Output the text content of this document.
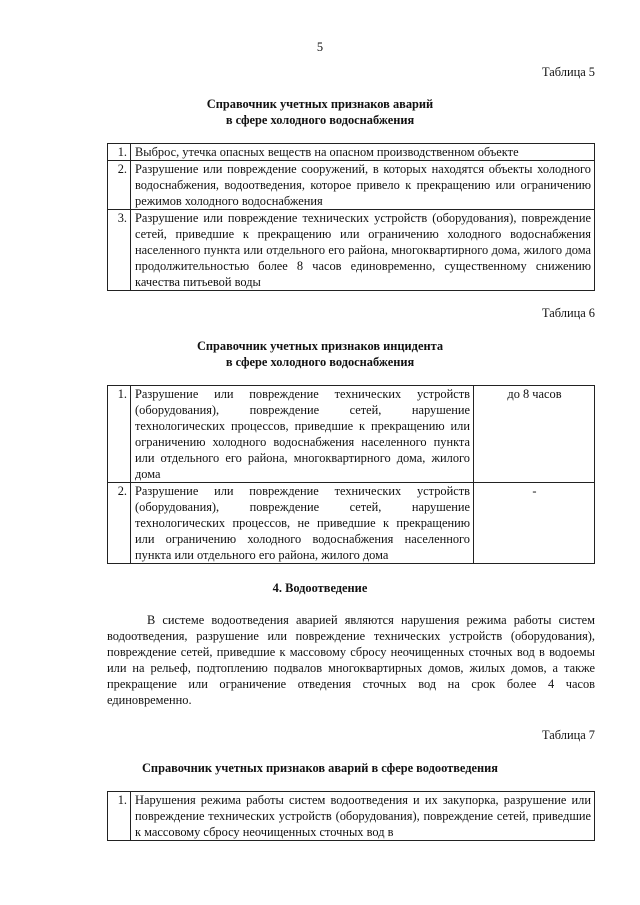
5
Таблица 5
Справочник учетных признаков аварий
в сфере холодного водоснабжения
1.	Выброс, утечка опасных веществ на опасном производственном объекте
2.	Разрушение или повреждение сооружений, в которых находятся объекты холодного водоснабжения, водоотведения, которое привело к прекращению или ограничению режимов холодного водоснабжения
3.	Разрушение или повреждение технических устройств (оборудования), повреждение сетей, приведшие к прекращению или ограничению холодного водоснабжения населенного пункта или отдельного его района, многоквартирного дома, жилого дома продолжительностью более 8 часов единовременно, существенному снижению качества питьевой воды
Таблица 6
Справочник учетных признаков инцидента
в сфере холодного водоснабжения
1.	Разрушение или повреждение технических устройств (оборудования), повреждение сетей, нарушение технологических процессов, приведшие к прекращению или ограничению холодного водоснабжения населенного пункта или отдельного его района, многоквартирного дома, жилого дома	до 8 часов
2.	Разрушение или повреждение технических устройств (оборудования), повреждение сетей, нарушение технологических процессов, не приведшие к прекращению или ограничению холодного водоснабжения населенного пункта или отдельного его района, жилого дома	-
4. Водоотведение
В системе водоотведения аварией являются нарушения режима работы систем водоотведения, разрушение или повреждение технических устройств (оборудования), повреждение сетей, приведшие к массовому сбросу неочищенных сточных вод в водоемы или на рельеф, подтоплению подвалов многоквартирных домов, жилых домов, а также прекращение или ограничение отведения сточных вод на срок более 4 часов единовременно.
Таблица 7
Справочник учетных признаков аварий в сфере водоотведения
1.	Нарушения режима работы систем водоотведения и их закупорка, разрушение или повреждение технических устройств (оборудования), повреждение сетей, приведшие к массовому сбросу неочищенных сточных вод в
